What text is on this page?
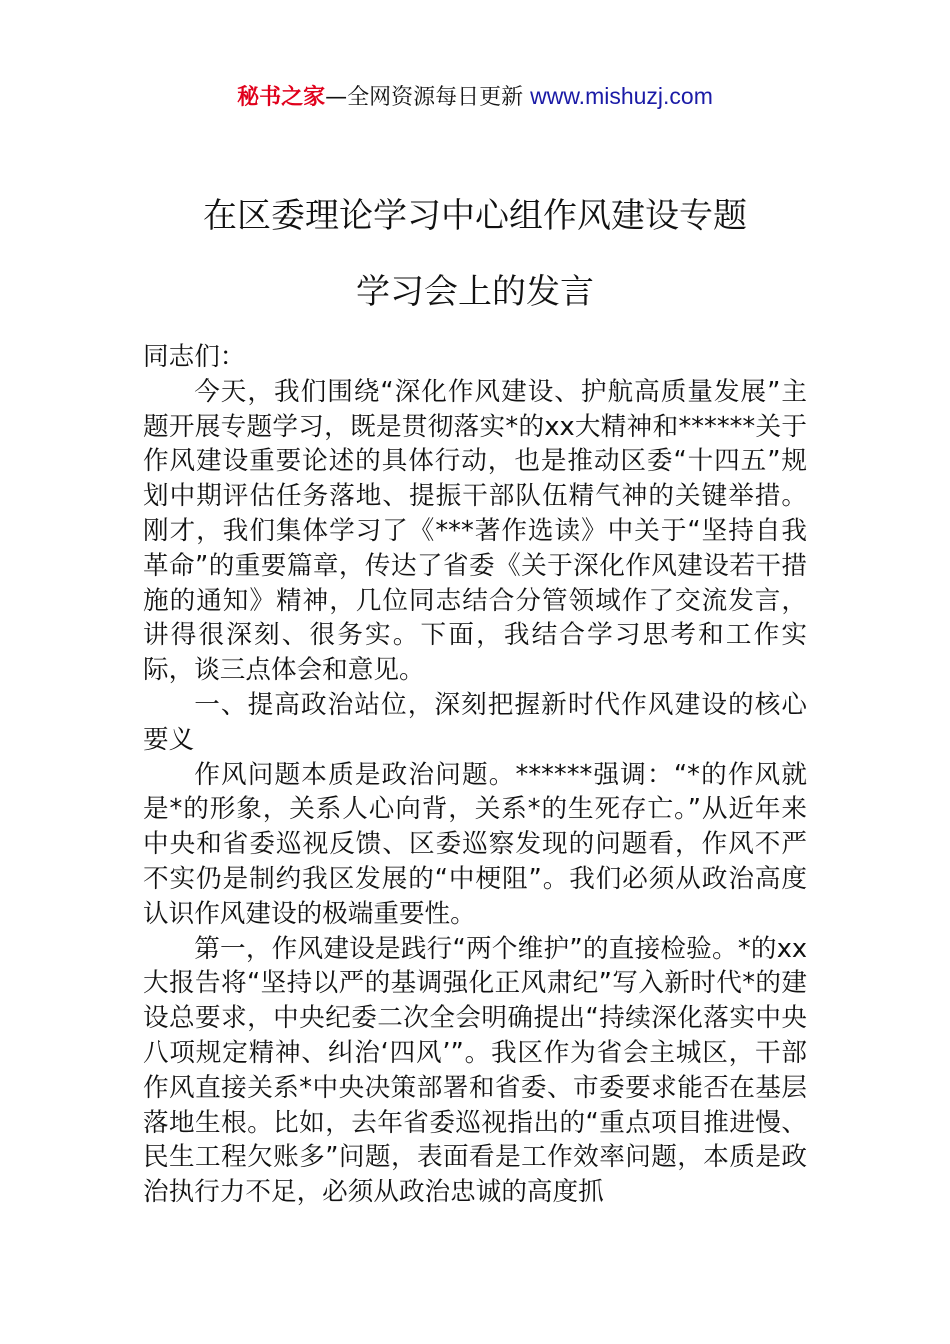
秘书之家—全网资源每日更新 www.mishuzj.com
在区委理论学习中心组作风建设专题
学习会上的发言

同志们：

今天，我们围绕“深化作风建设、护航高质量发展”主题开展专题学习，既是贯彻落实*的xx大精神和******关于作风建设重要论述的具体行动，也是推动区委“十四五”规划中期评估任务落地、提振干部队伍精气神的关键举措。刚才，我们集体学习了《***著作选读》中关于“坚持自我革命”的重要篇章，传达了省委《关于深化作风建设若干措施的通知》精神，几位同志结合分管领域作了交流发言，讲得很深刻、很务实。下面，我结合学习思考和工作实际，谈三点体会和意见。

一、提高政治站位，深刻把握新时代作风建设的核心要义

作风问题本质是政治问题。******强调：“*的作风就是*的形象，关系人心向背，关系*的生死存亡。”从近年来中央和省委巡视反馈、区委巡察发现的问题看，作风不严不实仍是制约我区发展的“中梗阻”。我们必须从政治高度认识作风建设的极端重要性。

第一，作风建设是践行“两个维护”的直接检验。*的xx大报告将“坚持以严的基调强化正风肃纪”写入新时代*的建设总要求，中央纪委二次全会明确提出“持续深化落实中央八项规定精神、纠治‘四风’”。我区作为省会主城区，干部作风直接关系*中央决策部署和省委、市委要求能否在基层落地生根。比如，去年省委巡视指出的“重点项目推进慢、民生工程欠账多”问题，表面看是工作效率问题，本质是政治执行力不足，必须从政治忠诚的高度抓
